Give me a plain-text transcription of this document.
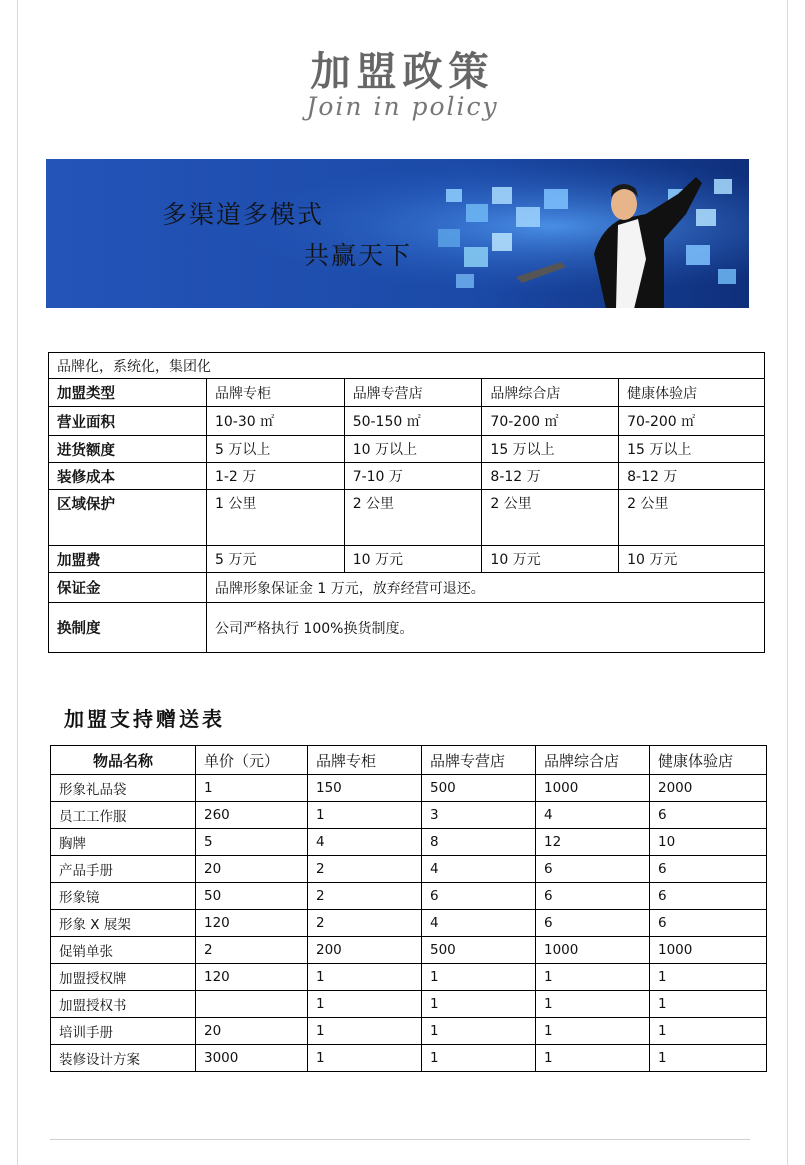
加盟政策
Join in policy
多渠道多模式
共赢天下
品牌化，系统化，集团化				
加盟类型	品牌专柜	品牌专营店	品牌综合店	健康体验店
营业面积	10-30 ㎡	50-150 ㎡	70-200 ㎡	70-200 ㎡
进货额度	5 万以上	10 万以上	15 万以上	15 万以上
装修成本	1-2 万	7-10 万	8-12 万	8-12 万
区域保护	1 公里	2 公里	2 公里	2 公里
加盟费	5 万元	10 万元	10 万元	10 万元
保证金	品牌形象保证金 1 万元，放弃经营可退还。			
换制度	公司严格执行 100%换货制度。			
加盟支持赠送表
物品名称	单价（元）	品牌专柜	品牌专营店	品牌综合店	健康体验店
形象礼品袋	1	150	500	1000	2000
员工工作服	260	1	3	4	6
胸牌	5	4	8	12	10
产品手册	20	2	4	6	6
形象镜	50	2	6	6	6
形象 X 展架	120	2	4	6	6
促销单张	2	200	500	1000	1000
加盟授权牌	120	1	1	1	1
加盟授权书		1	1	1	1
培训手册	20	1	1	1	1
装修设计方案	3000	1	1	1	1
